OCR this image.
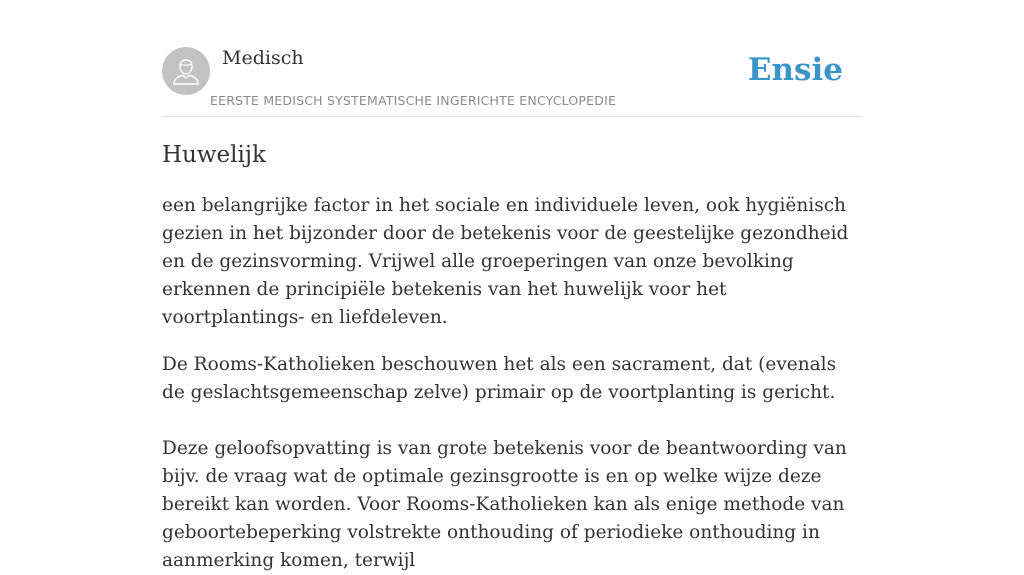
Medisch
EERSTE MEDISCH SYSTEMATISCHE INGERICHTE ENCYCLOPEDIE
Ensie
Huwelijk

een belangrijke factor in het sociale en individuele leven, ook hygiënisch gezien in het bijzonder door de betekenis voor de geestelijke gezondheid en de gezinsvorming. Vrijwel alle groeperingen van onze bevolking erkennen de principiële betekenis van het huwelijk voor het voortplantings- en liefdeleven.

De Rooms-Katholieken beschouwen het als een sacrament, dat (evenals de geslachtsgemeenschap zelve) primair op de voortplanting is gericht.

Deze geloofsopvatting is van grote betekenis voor de beantwoording van bijv. de vraag wat de optimale gezinsgrootte is en op welke wijze deze bereikt kan worden. Voor Rooms-Katholieken kan als enige methode van geboortebeperking volstrekte onthouding of periodieke onthouding in aanmerking komen, terwijl
